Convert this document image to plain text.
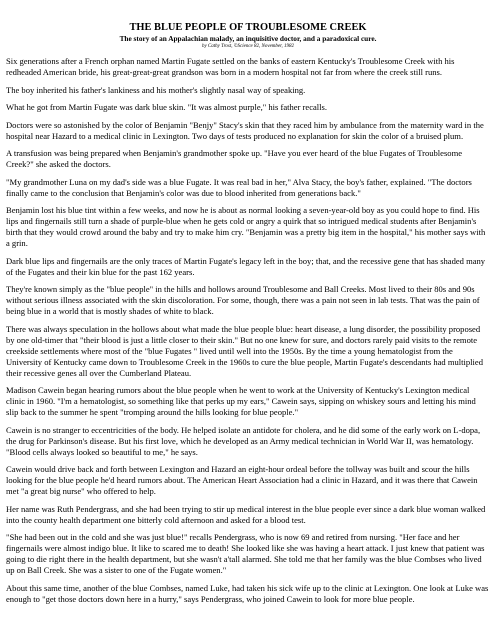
THE BLUE PEOPLE OF TROUBLESOME CREEK
The story of an Appalachian malady, an inquisitive doctor, and a paradoxical cure.
by Cathy Trost, ©Science 82, November, 1982

Six generations after a French orphan named Martin Fugate settled on the banks of eastern Kentucky's Troublesome Creek with his redheaded American bride, his great-great-great grandson was born in a modern hospital not far from where the creek still runs.

The boy inherited his father's lankiness and his mother's slightly nasal way of speaking.

What he got from Martin Fugate was dark blue skin. "It was almost purple," his father recalls.

Doctors were so astonished by the color of Benjamin "Benjy" Stacy's skin that they raced him by ambulance from the maternity ward in the hospital near Hazard to a medical clinic in Lexington. Two days of tests produced no explanation for skin the color of a bruised plum.

A transfusion was being prepared when Benjamin's grandmother spoke up. "Have you ever heard of the blue Fugates of Troublesome Creek?" she asked the doctors.

"My grandmother Luna on my dad's side was a blue Fugate. It was real bad in her," Alva Stacy, the boy's father, explained. "The doctors finally came to the conclusion that Benjamin's color was due to blood inherited from generations back."

Benjamin lost his blue tint within a few weeks, and now he is about as normal looking a seven-year-old boy as you could hope to find. His lips and fingernails still turn a shade of purple-blue when he gets cold or angry a quirk that so intrigued medical students after Benjamin's birth that they would crowd around the baby and try to make him cry. "Benjamin was a pretty big item in the hospital," his mother says with a grin.

Dark blue lips and fingernails are the only traces of Martin Fugate's legacy left in the boy; that, and the recessive gene that has shaded many of the Fugates and their kin blue for the past 162 years.

They're known simply as the "blue people" in the hills and hollows around Troublesome and Ball Creeks. Most lived to their 80s and 90s without serious illness associated with the skin discoloration. For some, though, there was a pain not seen in lab tests. That was the pain of being blue in a world that is mostly shades of white to black.

There was always speculation in the hollows about what made the blue people blue: heart disease, a lung disorder, the possibility proposed by one old-timer that "their blood is just a little closer to their skin." But no one knew for sure, and doctors rarely paid visits to the remote creekside settlements where most of the "blue Fugates " lived until well into the 1950s. By the time a young hematologist from the University of Kentucky came down to Troublesome Creek in the 1960s to cure the blue people, Martin Fugate's descendants had multiplied their recessive genes all over the Cumberland Plateau.

Madison Cawein began hearing rumors about the blue people when he went to work at the University of Kentucky's Lexington medical clinic in 1960. "I'm a hematologist, so something like that perks up my ears," Cawein says, sipping on whiskey sours and letting his mind slip back to the summer he spent "tromping around the hills looking for blue people."

Cawein is no stranger to eccentricities of the body. He helped isolate an antidote for cholera, and he did some of the early work on L-dopa, the drug for Parkinson's disease. But his first love, which he developed as an Army medical technician in World War II, was hematology. "Blood cells always looked so beautiful to me," he says.

Cawein would drive back and forth between Lexington and Hazard an eight-hour ordeal before the tollway was built and scour the hills looking for the blue people he'd heard rumors about. The American Heart Association had a clinic in Hazard, and it was there that Cawein met "a great big nurse" who offered to help.

Her name was Ruth Pendergrass, and she had been trying to stir up medical interest in the blue people ever since a dark blue woman walked into the county health department one bitterly cold afternoon and asked for a blood test.

"She had been out in the cold and she was just blue!" recalls Pendergrass, who is now 69 and retired from nursing. "Her face and her fingernails were almost indigo blue. It like to scared me to death! She looked like she was having a heart attack. I just knew that patient was going to die right there in the health department, but she wasn't a'tall alarmed. She told me that her family was the blue Combses who lived up on Ball Creek. She was a sister to one of the Fugate women."

About this same time, another of the blue Combses, named Luke, had taken his sick wife up to the clinic at Lexington. One look at Luke was enough to "get those doctors down here in a hurry," says Pendergrass, who joined Cawein to look for more blue people.
